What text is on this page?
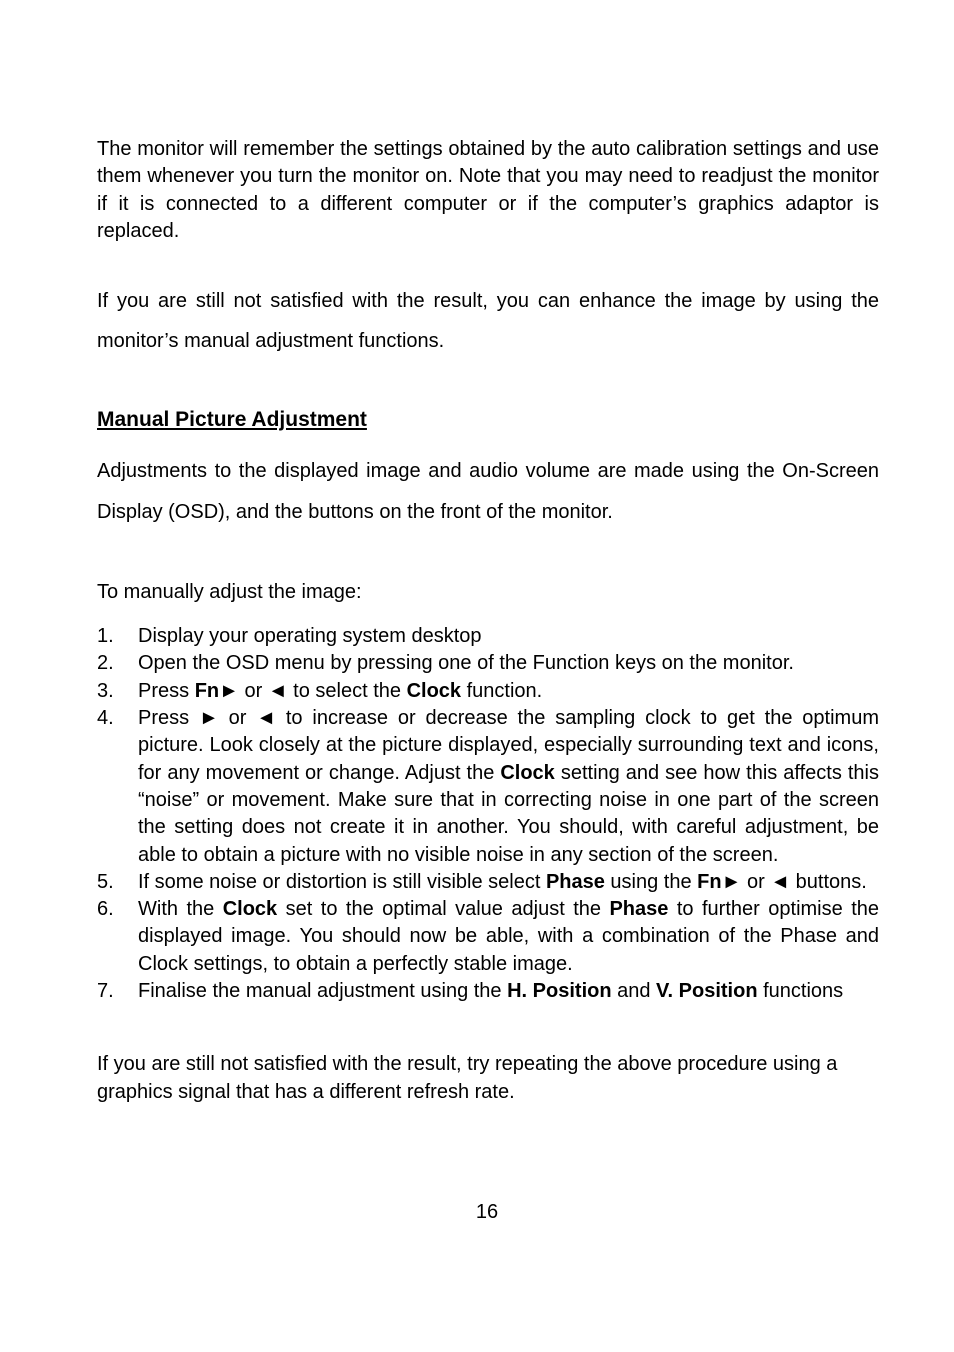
The monitor will remember the settings obtained by the auto calibration settings and use them whenever you turn the monitor on. Note that you may need to readjust the monitor if it is connected to a different computer or if the computer’s graphics adaptor is replaced.

If you are still not satisfied with the result, you can enhance the image by using the monitor’s manual adjustment functions.

Manual Picture Adjustment

Adjustments to the displayed image and audio volume are made using the On-Screen Display (OSD), and the buttons on the front of the monitor.

To manually adjust the image:

1.	Display your operating system desktop
2.	Open the OSD menu by pressing one of the Function keys on the monitor.
3.	Press Fn► or ◄ to select the Clock function.
4.	Press ► or ◄ to increase or decrease the sampling clock to get the optimum picture. Look closely at the picture displayed, especially surrounding text and icons, for any movement or change. Adjust the Clock setting and see how this affects this “noise” or movement. Make sure that in correcting noise in one part of the screen the setting does not create it in another. You should, with careful adjustment, be able to obtain a picture with no visible noise in any section of the screen.
5.	If some noise or distortion is still visible select Phase using the Fn► or ◄ buttons.
6.	With the Clock set to the optimal value adjust the Phase to further optimise the displayed image. You should now be able, with a combination of the Phase and Clock settings, to obtain a perfectly stable image.
7.	Finalise the manual adjustment using the H. Position and V. Position functions

If you are still not satisfied with the result, try repeating the above procedure using a graphics signal that has a different refresh rate.

16
